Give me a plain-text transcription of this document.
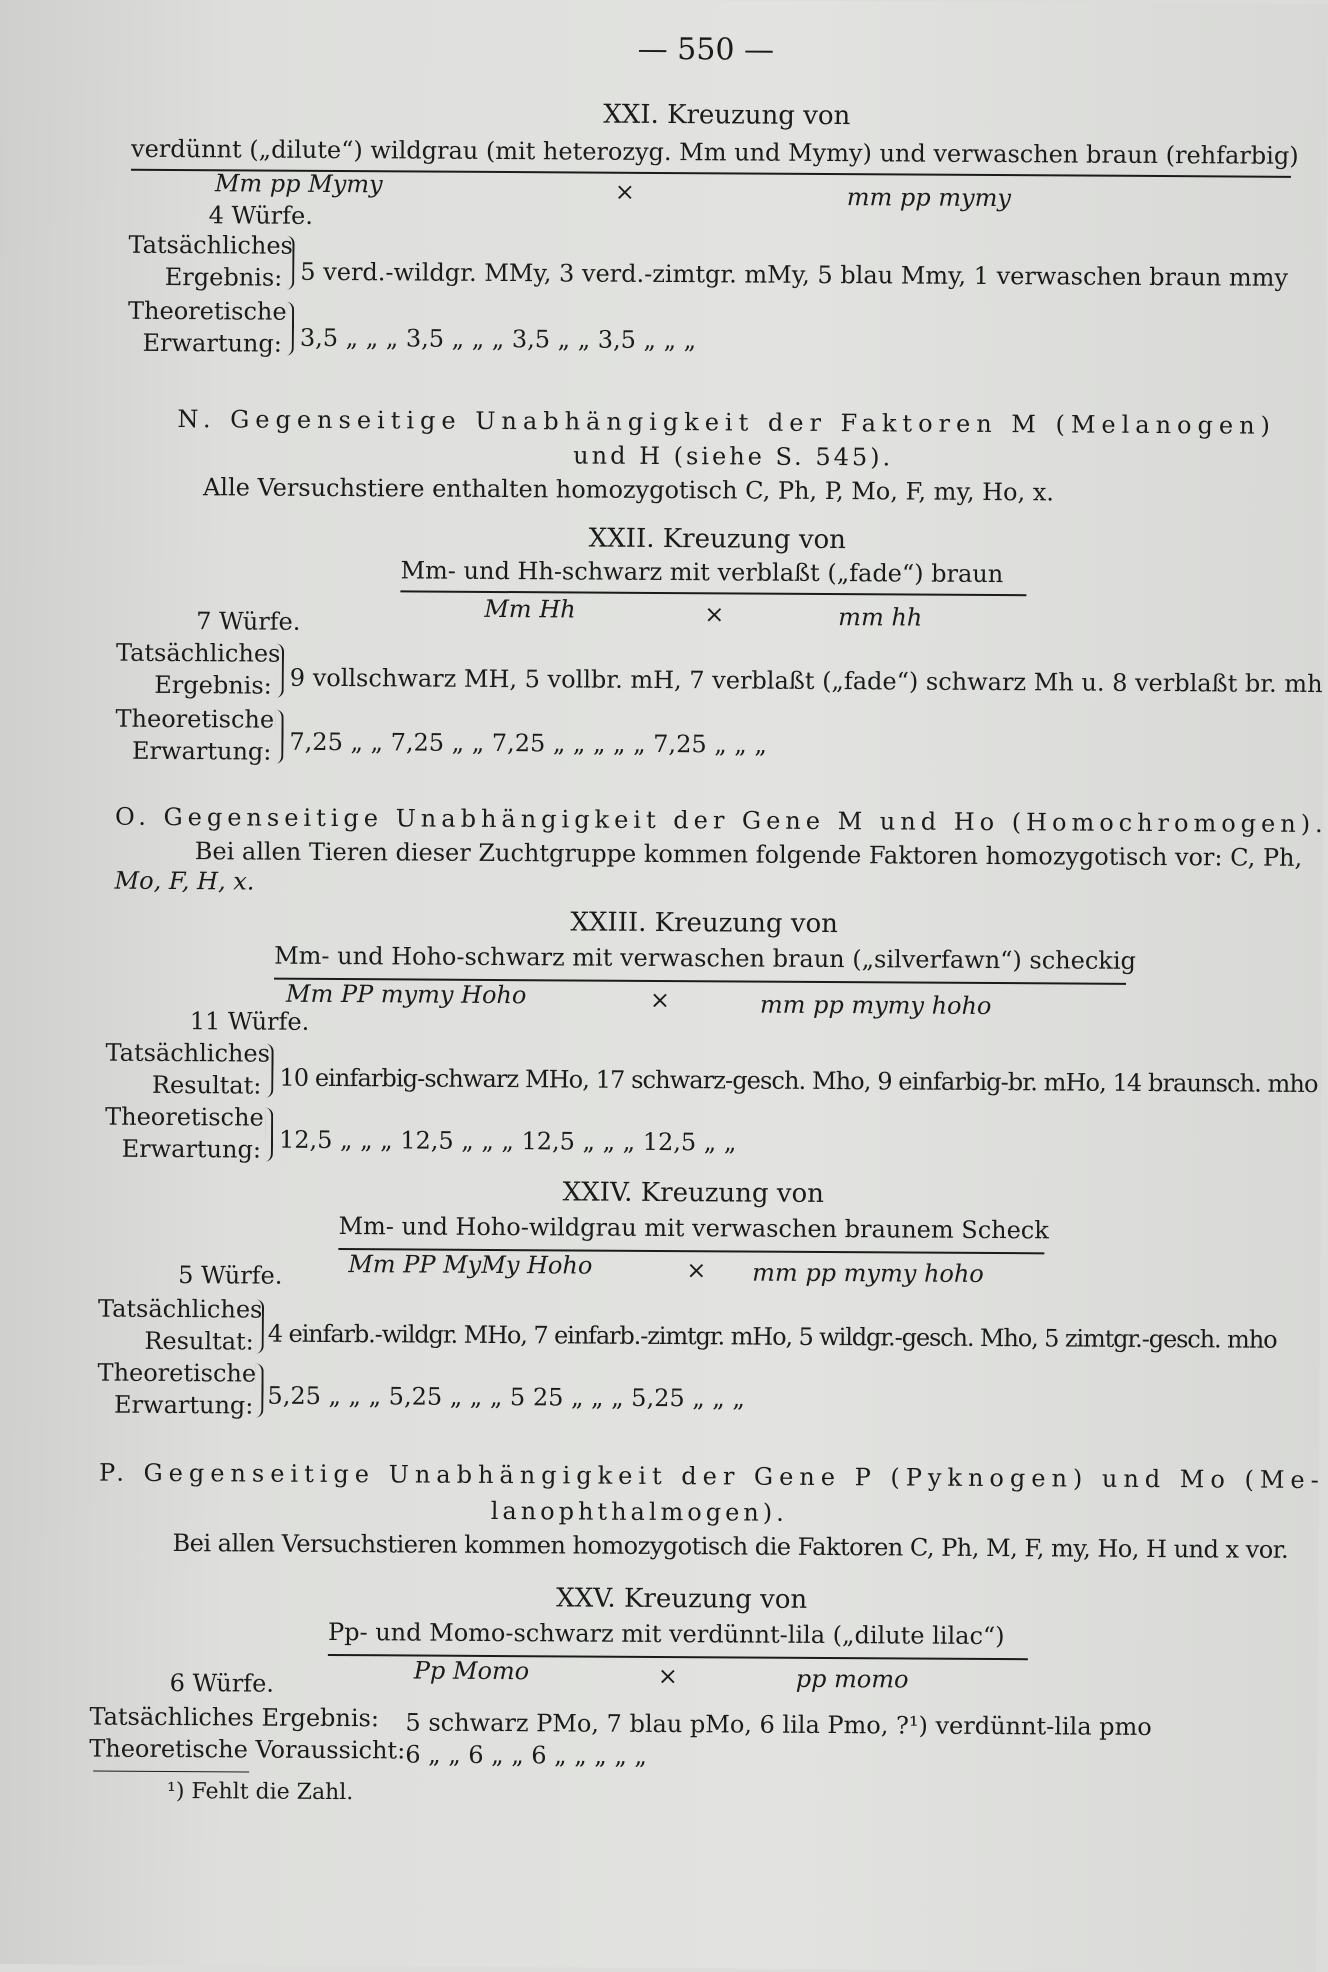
— 550 —
XXI. Kreuzung von
verdünnt („dilute“) wildgrau (mit heterozyg. Mm und Mymy) und verwaschen braun (rehfarbig)
Mm pp Mymy	×	mm pp mymy
4 Würfe.
Tatsächliches
Ergebnis: 5 verd.-wildgr. MMy, 3 verd.-zimtgr. mMy, 5 blau Mmy, 1 verwaschen braun mmy
Theoretische
Erwartung: 3,5 „ „ „ 3,5 „ „ „ 3,5 „ „ 3,5 „ „ „
N. Gegenseitige Unabhängigkeit der Faktoren M (Melanogen)
und H (siehe S. 545).
Alle Versuchstiere enthalten homozygotisch C, Ph, P, Mo, F, my, Ho, x.
XXII. Kreuzung von
Mm- und Hh-schwarz mit verblaßt („fade“) braun
Mm Hh	×	mm hh
7 Würfe.
Tatsächliches
Ergebnis: 9 vollschwarz MH, 5 vollbr. mH, 7 verblaßt („fade“) schwarz Mh u. 8 verblaßt br. mh
Theoretische
Erwartung: 7,25 „ „ 7,25 „ „ 7,25 „ „ „ „ „ 7,25 „ „ „
O. Gegenseitige Unabhängigkeit der Gene M und Ho (Homochromogen).
Bei allen Tieren dieser Zuchtgruppe kommen folgende Faktoren homozygotisch vor: C, Ph,
Mo, F, H, x.
XXIII. Kreuzung von
Mm- und Hoho-schwarz mit verwaschen braun („silverfawn“) scheckig
Mm PP mymy Hoho	×	mm pp mymy hoho
11 Würfe.
Tatsächliches
Resultat: 10 einfarbig-schwarz MHo, 17 schwarz-gesch. Mho, 9 einfarbig-br. mHo, 14 braunsch. mho
Theoretische
Erwartung: 12,5 „ „ „ 12,5 „ „ „ 12,5 „ „ „ 12,5 „ „
XXIV. Kreuzung von
Mm- und Hoho-wildgrau mit verwaschen braunem Scheck
Mm PP MyMy Hoho	× mm pp mymy hoho
5 Würfe.
Tatsächliches
Resultat: 4 einfarb.-wildgr. MHo, 7 einfarb.-zimtgr. mHo, 5 wildgr.-gesch. Mho, 5 zimtgr.-gesch. mho
Theoretische
Erwartung: 5,25 „ „ „ 5,25 „ „ „ 5 25 „ „ „ 5,25 „ „ „
P. Gegenseitige Unabhängigkeit der Gene P (Pyknogen) und Mo (Me-
lanophthalmogen).
Bei allen Versuchstieren kommen homozygotisch die Faktoren C, Ph, M, F, my, Ho, H und x vor.
XXV. Kreuzung von
Pp- und Momo-schwarz mit verdünnt-lila („dilute lilac“)
Pp Momo	×	pp momo
6 Würfe.
Tatsächliches Ergebnis: 5 schwarz PMo, 7 blau pMo, 6 lila Pmo, ?¹) verdünnt-lila pmo
Theoretische Voraussicht: 6 „ „ 6 „ „ 6 „ „ „ „ „
¹) Fehlt die Zahl.
